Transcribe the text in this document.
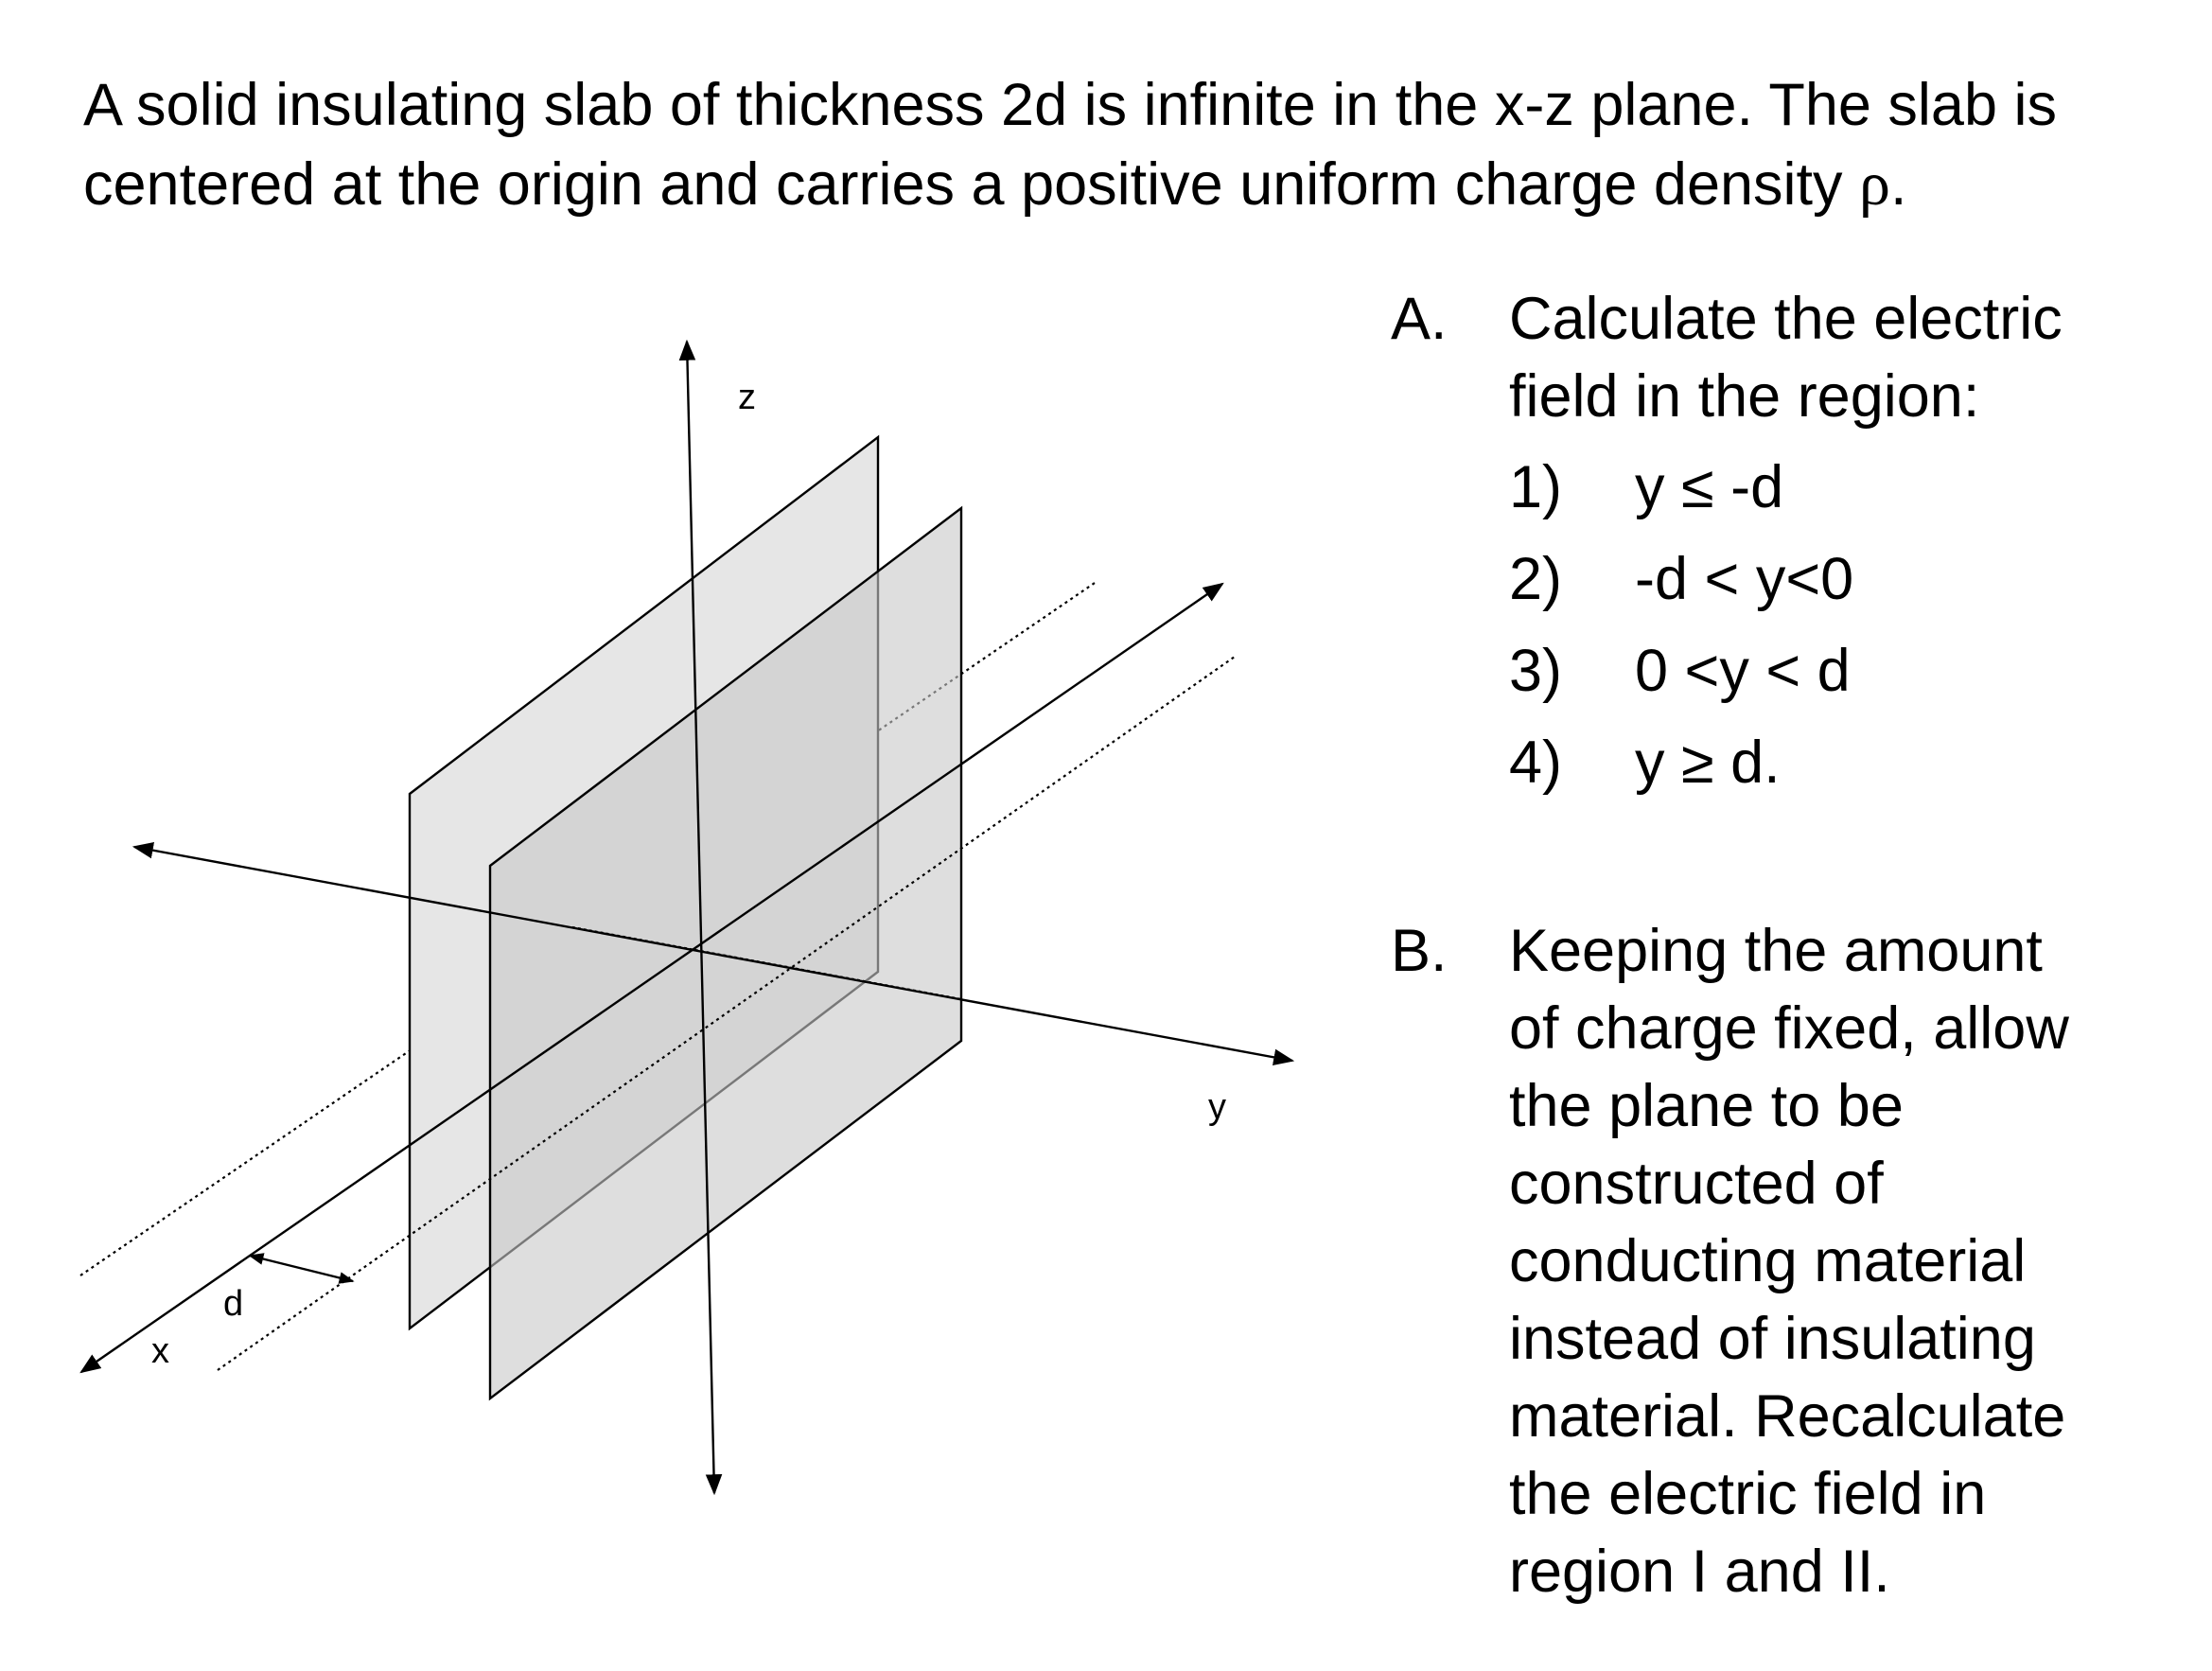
A solid insulating slab of thickness 2d is infinite in the x-z plane. The slab is centered at the origin and carries a positive uniform charge density ρ.

z
y
x
d
A. Calculate the electric
field in the region:
1) y ≤ -d
2) -d < y<0
3) 0 <y < d
4) y ≥ d.
B. Keeping the amount
of charge fixed, allow
the plane to be
constructed of
conducting material
instead of insulating
material. Recalculate
the electric field in
region I and II.
